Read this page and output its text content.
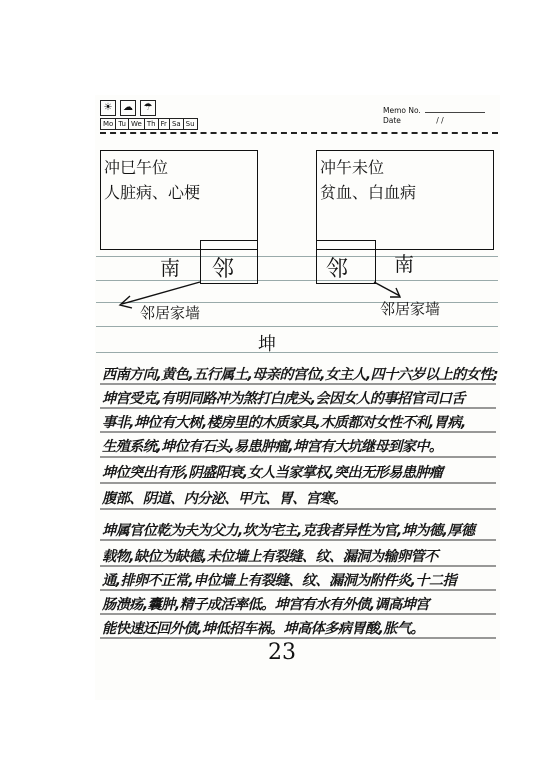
☀	☁	☂
Mo Tu We Th Fr Sa Su
Memo No.
Date	/ /
冲巳午位
人脏病、心梗
冲午未位
贫血、白血病
南 邻	邻 南
邻居家墙	邻居家墙
坤
西南方向,黄色,五行属土,母亲的宫位,女主人,四十六岁以上的女性;
坤宫受克,有明同路冲为煞打白虎头,会因女人的事招官司口舌
事非,坤位有大树,楼房里的木质家具,木质都对女性不利,胃病,
生殖系统,坤位有石头,易患肿瘤,坤宫有大坑继母到家中。
坤位突出有形,阴盛阳衰,女人当家掌权,突出无形易患肿瘤
腹部、阴道、内分泌、甲亢、胃、宫寒。
坤属官位乾为夫为父力,坎为宅主,克我者异性为官,坤为德,厚德
载物,缺位为缺德,未位墙上有裂缝、纹、漏洞为输卵管不
通,排卵不正常,申位墙上有裂缝、纹、漏洞为附件炎,十二指
肠溃疡,囊肿,精子成活率低。坤宫有水有外债,调高坤宫
能快速还回外债,坤低招车祸。坤高体多病胃酸,胀气。
23
